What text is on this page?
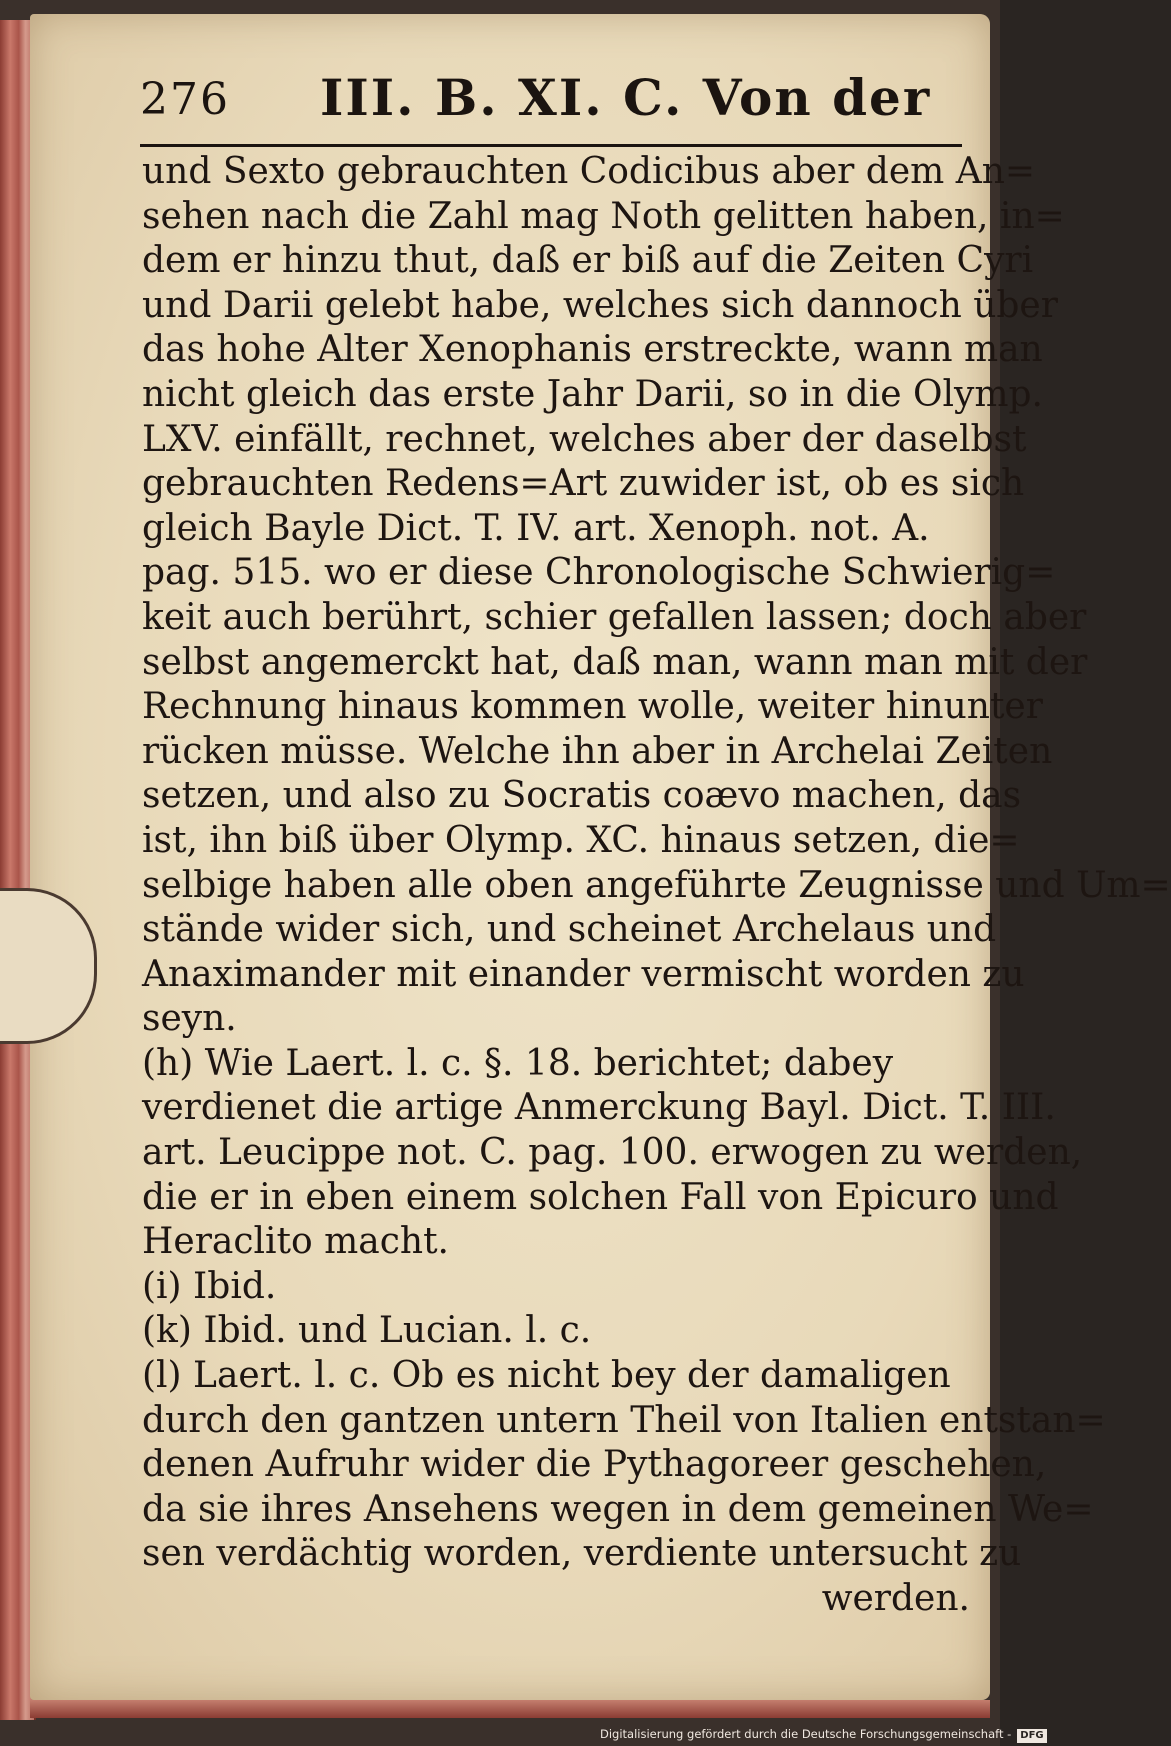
276 III. B. XI. C. Von der
und Sexto gebrauchten Codicibus aber dem An=
sehen nach die Zahl mag Noth gelitten haben, in=
dem er hinzu thut, daß er biß auf die Zeiten Cyri
und Darii gelebt habe, welches sich dannoch über
das hohe Alter Xenophanis erstreckte, wann man
nicht gleich das erste Jahr Darii, so in die Olymp.
LXV. einfällt, rechnet, welches aber der daselbst
gebrauchten Redens=Art zuwider ist, ob es sich
gleich Bayle Dict. T. IV. art. Xenoph. not. A.
pag. 515. wo er diese Chronologische Schwierig=
keit auch berührt, schier gefallen lassen; doch aber
selbst angemerckt hat, daß man, wann man mit der
Rechnung hinaus kommen wolle, weiter hinunter
rücken müsse. Welche ihn aber in Archelai Zeiten
setzen, und also zu Socratis coævo machen, das
ist, ihn biß über Olymp. XC. hinaus setzen, die=
selbige haben alle oben angeführte Zeugnisse und Um=
stände wider sich, und scheinet Archelaus und
Anaximander mit einander vermischt worden zu
seyn.
(h) Wie Laert. l. c. §. 18. berichtet; dabey
verdienet die artige Anmerckung Bayl. Dict. T. III.
art. Leucippe not. C. pag. 100. erwogen zu werden,
die er in eben einem solchen Fall von Epicuro und
Heraclito macht.
(i) Ibid.
(k) Ibid. und Lucian. l. c.
(l) Laert. l. c. Ob es nicht bey der damaligen
durch den gantzen untern Theil von Italien entstan=
denen Aufruhr wider die Pythagoreer geschehen,
da sie ihres Ansehens wegen in dem gemeinen We=
sen verdächtig worden, verdiente untersucht zu
werden.
Digitalisierung gefördert durch die Deutsche Forschungsgemeinschaft - DFG
